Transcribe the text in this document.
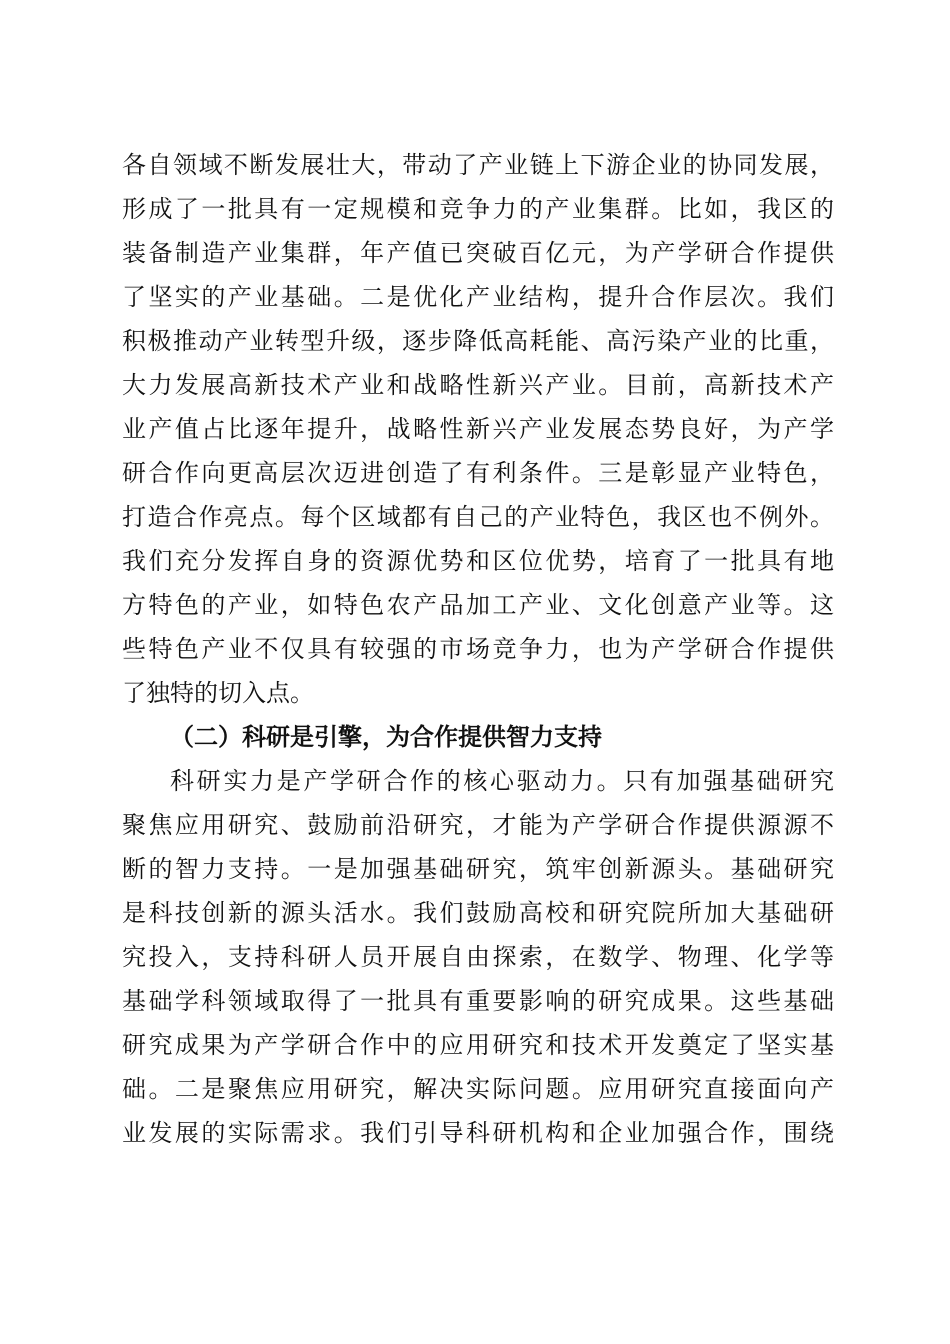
各自领域不断发展壮大，带动了产业链上下游企业的协同发展，
形成了一批具有一定规模和竞争力的产业集群。比如，我区的
装备制造产业集群，年产值已突破百亿元，为产学研合作提供
了坚实的产业基础。二是优化产业结构，提升合作层次。我们
积极推动产业转型升级，逐步降低高耗能、高污染产业的比重，
大力发展高新技术产业和战略性新兴产业。目前，高新技术产
业产值占比逐年提升，战略性新兴产业发展态势良好，为产学
研合作向更高层次迈进创造了有利条件。三是彰显产业特色，
打造合作亮点。每个区域都有自己的产业特色，我区也不例外。
我们充分发挥自身的资源优势和区位优势，培育了一批具有地
方特色的产业，如特色农产品加工产业、文化创意产业等。这
些特色产业不仅具有较强的市场竞争力，也为产学研合作提供
了独特的切入点。
（二）科研是引擎，为合作提供智力支持
科研实力是产学研合作的核心驱动力。只有加强基础研究
聚焦应用研究、鼓励前沿研究，才能为产学研合作提供源源不
断的智力支持。一是加强基础研究，筑牢创新源头。基础研究
是科技创新的源头活水。我们鼓励高校和研究院所加大基础研
究投入，支持科研人员开展自由探索，在数学、物理、化学等
基础学科领域取得了一批具有重要影响的研究成果。这些基础
研究成果为产学研合作中的应用研究和技术开发奠定了坚实基
础。二是聚焦应用研究，解决实际问题。应用研究直接面向产
业发展的实际需求。我们引导科研机构和企业加强合作，围绕
